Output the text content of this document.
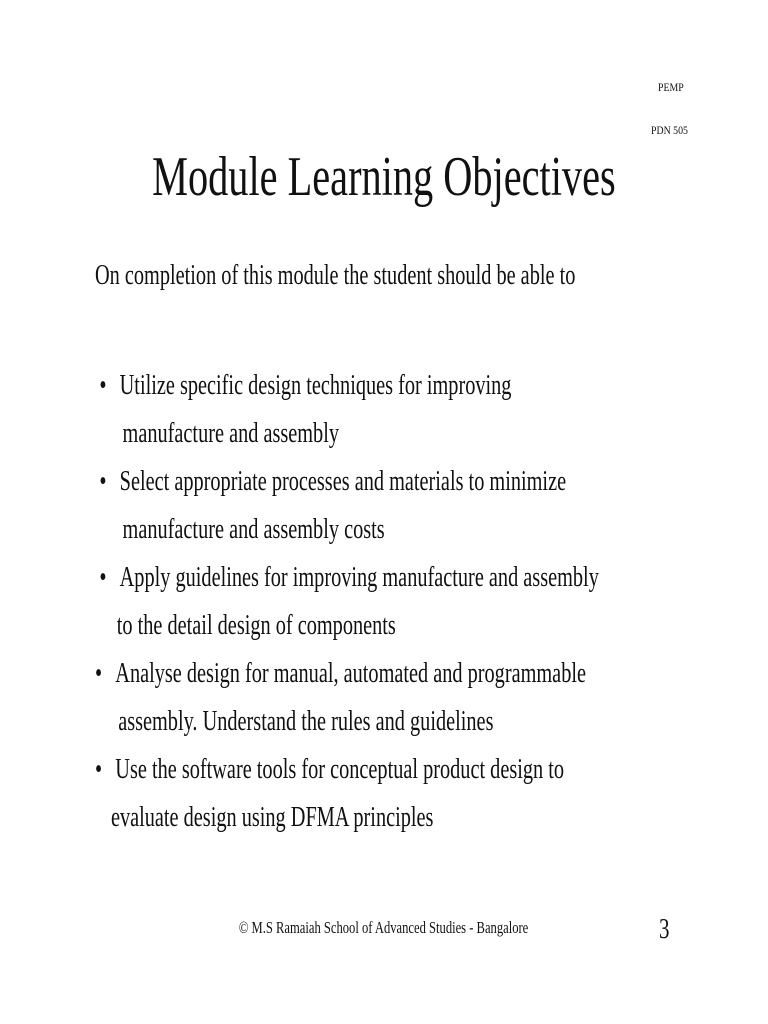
PEMP
PDN 505
Module Learning Objectives
On completion of this module the student should be able to
• Utilize specific design techniques for improving
manufacture and assembly
• Select appropriate processes and materials to minimize
manufacture and assembly costs
• Apply guidelines for improving manufacture and assembly
to the detail design of components
• Analyse design for manual, automated and programmable
assembly. Understand the rules and guidelines
• Use the software tools for conceptual product design to
evaluate design using DFMA principles
© M.S Ramaiah School of Advanced Studies - Bangalore	3
